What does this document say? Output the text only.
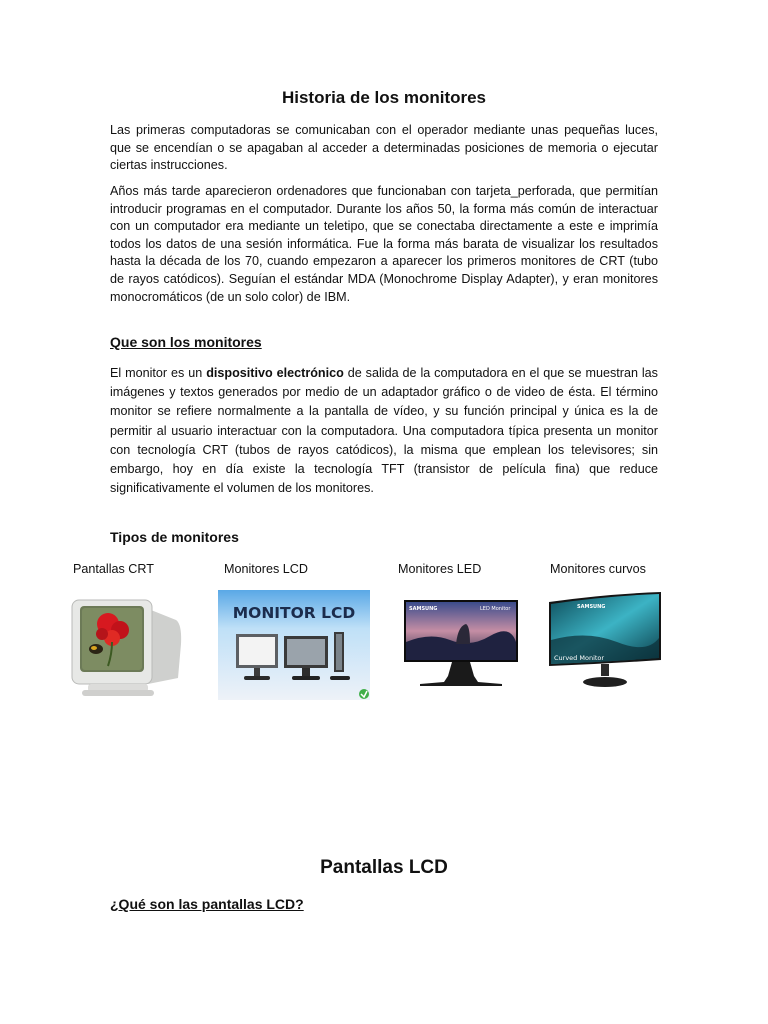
Historia de los monitores

Las primeras computadoras se comunicaban con el operador mediante unas pequeñas luces, que se encendían o se apagaban al acceder a determinadas posiciones de memoria o ejecutar ciertas instrucciones.

Años más tarde aparecieron ordenadores que funcionaban con tarjeta_perforada, que permitían introducir programas en el computador. Durante los años 50, la forma más común de interactuar con un computador era mediante un teletipo, que se conectaba directamente a este e imprimía todos los datos de una sesión informática. Fue la forma más barata de visualizar los resultados hasta la década de los 70, cuando empezaron a aparecer los primeros monitores de CRT (tubo de rayos catódicos). Seguían el estándar MDA (Monochrome Display Adapter), y eran monitores monocromáticos (de un solo color) de IBM.

Que son los monitores

El monitor es un dispositivo electrónico de salida de la computadora en el que se muestran las imágenes y textos generados por medio de un adaptador gráfico o de video de ésta. El término monitor se refiere normalmente a la pantalla de vídeo, y su función principal y única es la de permitir al usuario interactuar con la computadora. Una computadora típica presenta un monitor con tecnología CRT (tubos de rayos catódicos), la misma que emplean los televisores; sin embargo, hoy en día existe la tecnología TFT (transistor de película fina) que reduce significativamente el volumen de los monitores.

Tipos de monitores
Pantallas CRT	Monitores LCD	Monitores LED	Monitores curvos
MONITOR LCD	SAMSUNG	LED Monitor	SAMSUNG
Curved Monitor
Pantallas LCD
¿Qué son las pantallas LCD?
